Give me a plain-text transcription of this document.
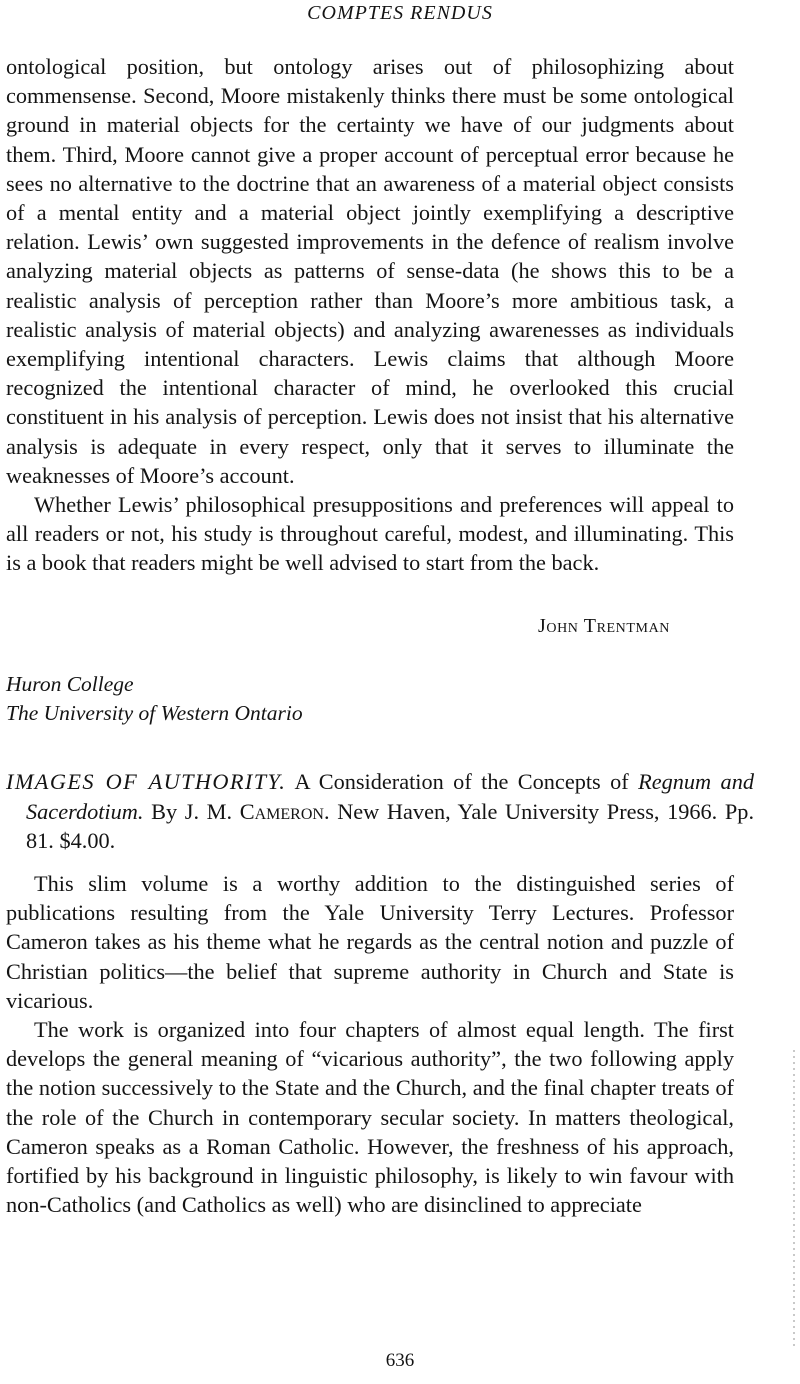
COMPTES RENDUS

ontological position, but ontology arises out of philosophizing about commensense. Second, Moore mistakenly thinks there must be some ontological ground in material objects for the certainty we have of our judgments about them. Third, Moore cannot give a proper account of perceptual error because he sees no alternative to the doctrine that an awareness of a material object consists of a mental entity and a material object jointly exemplifying a descriptive relation. Lewis’ own suggested improvements in the defence of realism involve analyzing material objects as patterns of sense-data (he shows this to be a realistic analysis of perception rather than Moore’s more ambitious task, a realistic analysis of material objects) and analyzing awarenesses as individuals exemplifying intentional characters. Lewis claims that although Moore recognized the intentional character of mind, he overlooked this crucial constituent in his analysis of perception. Lewis does not insist that his alternative analysis is adequate in every respect, only that it serves to illuminate the weaknesses of Moore’s account.

Whether Lewis’ philosophical presuppositions and preferences will appeal to all readers or not, his study is throughout careful, modest, and illuminating. This is a book that readers might be well advised to start from the back.

John Trentman
Huron College
The University of Western Ontario

IMAGES OF AUTHORITY. A Consideration of the Concepts of Regnum and Sacerdotium. By J. M. Cameron. New Haven, Yale University Press, 1966. Pp. 81. $4.00.

This slim volume is a worthy addition to the distinguished series of publications resulting from the Yale University Terry Lectures. Professor Cameron takes as his theme what he regards as the central notion and puzzle of Christian politics—the belief that supreme authority in Church and State is vicarious.

The work is organized into four chapters of almost equal length. The first develops the general meaning of “vicarious authority”, the two following apply the notion successively to the State and the Church, and the final chapter treats of the role of the Church in contemporary secular society. In matters theological, Cameron speaks as a Roman Catholic. However, the freshness of his approach, fortified by his background in linguistic philosophy, is likely to win favour with non-Catholics (and Catholics as well) who are disinclined to appreciate

636
